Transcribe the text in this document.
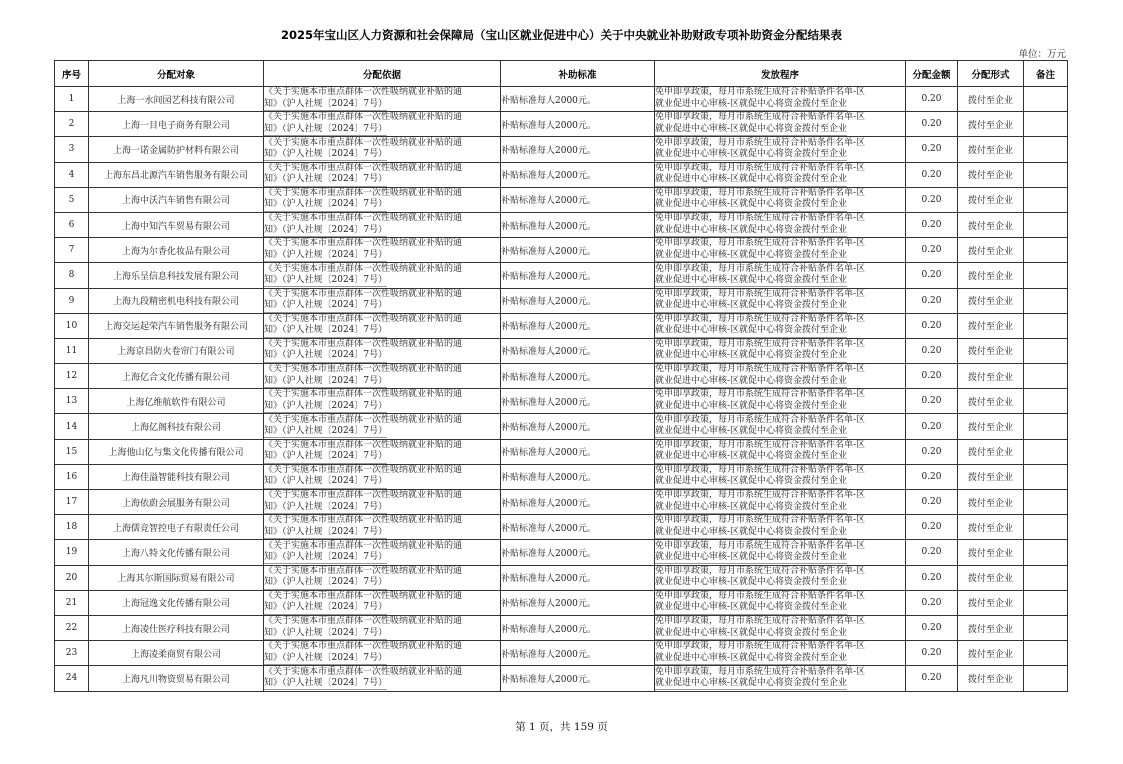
2025年宝山区人力资源和社会保障局（宝山区就业促进中心）关于中央就业补助财政专项补助资金分配结果表
单位：万元
序号	分配对象	分配依据	补助标准	发放程序	分配金额	分配形式	备注
1	上海一水间园艺科技有限公司	《关于实施本市重点群体一次性吸纳就业补贴的通
知》（沪人社规〔2024〕7号）	补贴标准每人2000元。	免申即享政策，每月市系统生成符合补贴条件名单-区
就业促进中心审核-区就促中心将资金拨付至企业	0.20	拨付至企业	
2	上海一目电子商务有限公司	《关于实施本市重点群体一次性吸纳就业补贴的通
知》（沪人社规〔2024〕7号）	补贴标准每人2000元。	免申即享政策，每月市系统生成符合补贴条件名单-区
就业促进中心审核-区就促中心将资金拨付至企业	0.20	拨付至企业	
3	上海一诺金属防护材料有限公司	《关于实施本市重点群体一次性吸纳就业补贴的通
知》（沪人社规〔2024〕7号）	补贴标准每人2000元。	免申即享政策，每月市系统生成符合补贴条件名单-区
就业促进中心审核-区就促中心将资金拨付至企业	0.20	拨付至企业	
4	上海东昌北源汽车销售服务有限公司	《关于实施本市重点群体一次性吸纳就业补贴的通
知》（沪人社规〔2024〕7号）	补贴标准每人2000元。	免申即享政策，每月市系统生成符合补贴条件名单-区
就业促进中心审核-区就促中心将资金拨付至企业	0.20	拨付至企业	
5	上海中沃汽车销售有限公司	《关于实施本市重点群体一次性吸纳就业补贴的通
知》（沪人社规〔2024〕7号）	补贴标准每人2000元。	免申即享政策，每月市系统生成符合补贴条件名单-区
就业促进中心审核-区就促中心将资金拨付至企业	0.20	拨付至企业	
6	上海中知汽车贸易有限公司	《关于实施本市重点群体一次性吸纳就业补贴的通
知》（沪人社规〔2024〕7号）	补贴标准每人2000元。	免申即享政策，每月市系统生成符合补贴条件名单-区
就业促进中心审核-区就促中心将资金拨付至企业	0.20	拨付至企业	
7	上海为尔香化妆品有限公司	《关于实施本市重点群体一次性吸纳就业补贴的通
知》（沪人社规〔2024〕7号）	补贴标准每人2000元。	免申即享政策，每月市系统生成符合补贴条件名单-区
就业促进中心审核-区就促中心将资金拨付至企业	0.20	拨付至企业	
8	上海乐呈信息科技发展有限公司	《关于实施本市重点群体一次性吸纳就业补贴的通
知》（沪人社规〔2024〕7号）	补贴标准每人2000元。	免申即享政策，每月市系统生成符合补贴条件名单-区
就业促进中心审核-区就促中心将资金拨付至企业	0.20	拨付至企业	
9	上海九段精密机电科技有限公司	《关于实施本市重点群体一次性吸纳就业补贴的通
知》（沪人社规〔2024〕7号）	补贴标准每人2000元。	免申即享政策，每月市系统生成符合补贴条件名单-区
就业促进中心审核-区就促中心将资金拨付至企业	0.20	拨付至企业	
10	上海交运起荣汽车销售服务有限公司	《关于实施本市重点群体一次性吸纳就业补贴的通
知》（沪人社规〔2024〕7号）	补贴标准每人2000元。	免申即享政策，每月市系统生成符合补贴条件名单-区
就业促进中心审核-区就促中心将资金拨付至企业	0.20	拨付至企业	
11	上海京昌防火卷帘门有限公司	《关于实施本市重点群体一次性吸纳就业补贴的通
知》（沪人社规〔2024〕7号）	补贴标准每人2000元。	免申即享政策，每月市系统生成符合补贴条件名单-区
就业促进中心审核-区就促中心将资金拨付至企业	0.20	拨付至企业	
12	上海亿合文化传播有限公司	《关于实施本市重点群体一次性吸纳就业补贴的通
知》（沪人社规〔2024〕7号）	补贴标准每人2000元。	免申即享政策，每月市系统生成符合补贴条件名单-区
就业促进中心审核-区就促中心将资金拨付至企业	0.20	拨付至企业	
13	上海亿维航软件有限公司	《关于实施本市重点群体一次性吸纳就业补贴的通
知》（沪人社规〔2024〕7号）	补贴标准每人2000元。	免申即享政策，每月市系统生成符合补贴条件名单-区
就业促进中心审核-区就促中心将资金拨付至企业	0.20	拨付至企业	
14	上海亿阁科技有限公司	《关于实施本市重点群体一次性吸纳就业补贴的通
知》（沪人社规〔2024〕7号）	补贴标准每人2000元。	免申即享政策，每月市系统生成符合补贴条件名单-区
就业促进中心审核-区就促中心将资金拨付至企业	0.20	拨付至企业	
15	上海他山亿与集文化传播有限公司	《关于实施本市重点群体一次性吸纳就业补贴的通
知》（沪人社规〔2024〕7号）	补贴标准每人2000元。	免申即享政策，每月市系统生成符合补贴条件名单-区
就业促进中心审核-区就促中心将资金拨付至企业	0.20	拨付至企业	
16	上海佳溢智能科技有限公司	《关于实施本市重点群体一次性吸纳就业补贴的通
知》（沪人社规〔2024〕7号）	补贴标准每人2000元。	免申即享政策，每月市系统生成符合补贴条件名单-区
就业促进中心审核-区就促中心将资金拨付至企业	0.20	拨付至企业	
17	上海依蔚会展服务有限公司	《关于实施本市重点群体一次性吸纳就业补贴的通
知》（沪人社规〔2024〕7号）	补贴标准每人2000元。	免申即享政策，每月市系统生成符合补贴条件名单-区
就业促进中心审核-区就促中心将资金拨付至企业	0.20	拨付至企业	
18	上海儒竞智控电子有限责任公司	《关于实施本市重点群体一次性吸纳就业补贴的通
知》（沪人社规〔2024〕7号）	补贴标准每人2000元。	免申即享政策，每月市系统生成符合补贴条件名单-区
就业促进中心审核-区就促中心将资金拨付至企业	0.20	拨付至企业	
19	上海八特文化传播有限公司	《关于实施本市重点群体一次性吸纳就业补贴的通
知》（沪人社规〔2024〕7号）	补贴标准每人2000元。	免申即享政策，每月市系统生成符合补贴条件名单-区
就业促进中心审核-区就促中心将资金拨付至企业	0.20	拨付至企业	
20	上海其尔斯国际贸易有限公司	《关于实施本市重点群体一次性吸纳就业补贴的通
知》（沪人社规〔2024〕7号）	补贴标准每人2000元。	免申即享政策，每月市系统生成符合补贴条件名单-区
就业促进中心审核-区就促中心将资金拨付至企业	0.20	拨付至企业	
21	上海冠逸文化传播有限公司	《关于实施本市重点群体一次性吸纳就业补贴的通
知》（沪人社规〔2024〕7号）	补贴标准每人2000元。	免申即享政策，每月市系统生成符合补贴条件名单-区
就业促进中心审核-区就促中心将资金拨付至企业	0.20	拨付至企业	
22	上海凌仕医疗科技有限公司	《关于实施本市重点群体一次性吸纳就业补贴的通
知》（沪人社规〔2024〕7号）	补贴标准每人2000元。	免申即享政策，每月市系统生成符合补贴条件名单-区
就业促进中心审核-区就促中心将资金拨付至企业	0.20	拨付至企业	
23	上海凌柔商贸有限公司	《关于实施本市重点群体一次性吸纳就业补贴的通
知》（沪人社规〔2024〕7号）	补贴标准每人2000元。	免申即享政策，每月市系统生成符合补贴条件名单-区
就业促进中心审核-区就促中心将资金拨付至企业	0.20	拨付至企业	
24	上海凡川物资贸易有限公司	《关于实施本市重点群体一次性吸纳就业补贴的通
知》（沪人社规〔2024〕7号）	补贴标准每人2000元。	免申即享政策，每月市系统生成符合补贴条件名单-区
就业促进中心审核-区就促中心将资金拨付至企业	0.20	拨付至企业	
第 1 页，共 159 页
